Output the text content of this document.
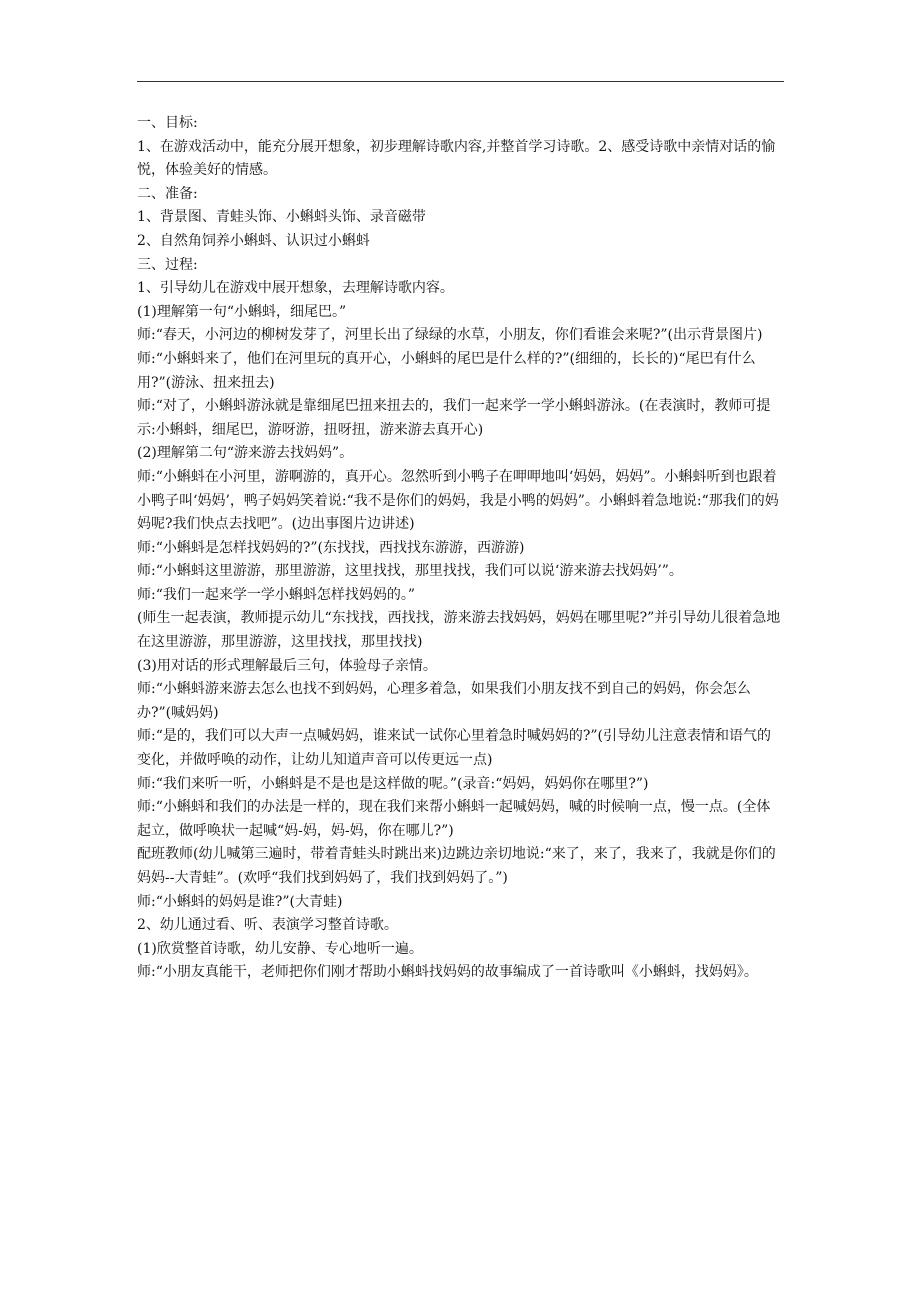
一、目标:

1、在游戏活动中，能充分展开想象，初步理解诗歌内容,并整首学习诗歌。2、感受诗歌中亲情对话的愉悦，体验美好的情感。

二、准备:

1、背景图、青蛙头饰、小蝌蚪头饰、录音磁带

2、自然角饲养小蝌蚪、认识过小蝌蚪

三、过程:

1、引导幼儿在游戏中展开想象，去理解诗歌内容。

(1)理解第一句“小蝌蚪，细尾巴。”

师:“春天，小河边的柳树发芽了，河里长出了绿绿的水草，小朋友，你们看谁会来呢?”(出示背景图片)

师:“小蝌蚪来了，他们在河里玩的真开心，小蝌蚪的尾巴是什么样的?”(细细的，长长的)“尾巴有什么用?”(游泳、扭来扭去)

师:“对了，小蝌蚪游泳就是靠细尾巴扭来扭去的，我们一起来学一学小蝌蚪游泳。(在表演时，教师可提示:小蝌蚪，细尾巴，游呀游，扭呀扭，游来游去真开心)

(2)理解第二句“游来游去找妈妈”。

师:“小蝌蚪在小河里，游啊游的，真开心。忽然听到小鸭子在呷呷地叫‘妈妈，妈妈”。小蝌蚪听到也跟着小鸭子叫‘妈妈’，鸭子妈妈笑着说:“我不是你们的妈妈，我是小鸭的妈妈”。小蝌蚪着急地说:“那我们的妈妈呢?我们快点去找吧”。(边出事图片边讲述)

师:“小蝌蚪是怎样找妈妈的?”(东找找，西找找东游游，西游游)

师:“小蝌蚪这里游游，那里游游，这里找找，那里找找，我们可以说‘游来游去找妈妈’”。

师:“我们一起来学一学小蝌蚪怎样找妈妈的。”

(师生一起表演，教师提示幼儿“东找找，西找找，游来游去找妈妈，妈妈在哪里呢?”并引导幼儿很着急地在这里游游，那里游游，这里找找，那里找找)

(3)用对话的形式理解最后三句，体验母子亲情。

师:“小蝌蚪游来游去怎么也找不到妈妈，心理多着急，如果我们小朋友找不到自己的妈妈，你会怎么办?”(喊妈妈)

师:“是的，我们可以大声一点喊妈妈，谁来试一试你心里着急时喊妈妈的?”(引导幼儿注意表情和语气的变化，并做呼唤的动作，让幼儿知道声音可以传更远一点)

师:“我们来听一听，小蝌蚪是不是也是这样做的呢。”(录音:“妈妈，妈妈你在哪里?”)

师:“小蝌蚪和我们的办法是一样的，现在我们来帮小蝌蚪一起喊妈妈，喊的时候响一点，慢一点。(全体起立，做呼唤状一起喊“妈-妈，妈-妈，你在哪儿?”)

配班教师(幼儿喊第三遍时，带着青蛙头时跳出来)边跳边亲切地说:“来了，来了，我来了，我就是你们的妈妈--大青蛙”。(欢呼“我们找到妈妈了，我们找到妈妈了。”)

师:“小蝌蚪的妈妈是谁?”(大青蛙)

2、幼儿通过看、听、表演学习整首诗歌。

(1)欣赏整首诗歌，幼儿安静、专心地听一遍。

师:“小朋友真能干，老师把你们刚才帮助小蝌蚪找妈妈的故事编成了一首诗歌叫《小蝌蚪，找妈妈》。
